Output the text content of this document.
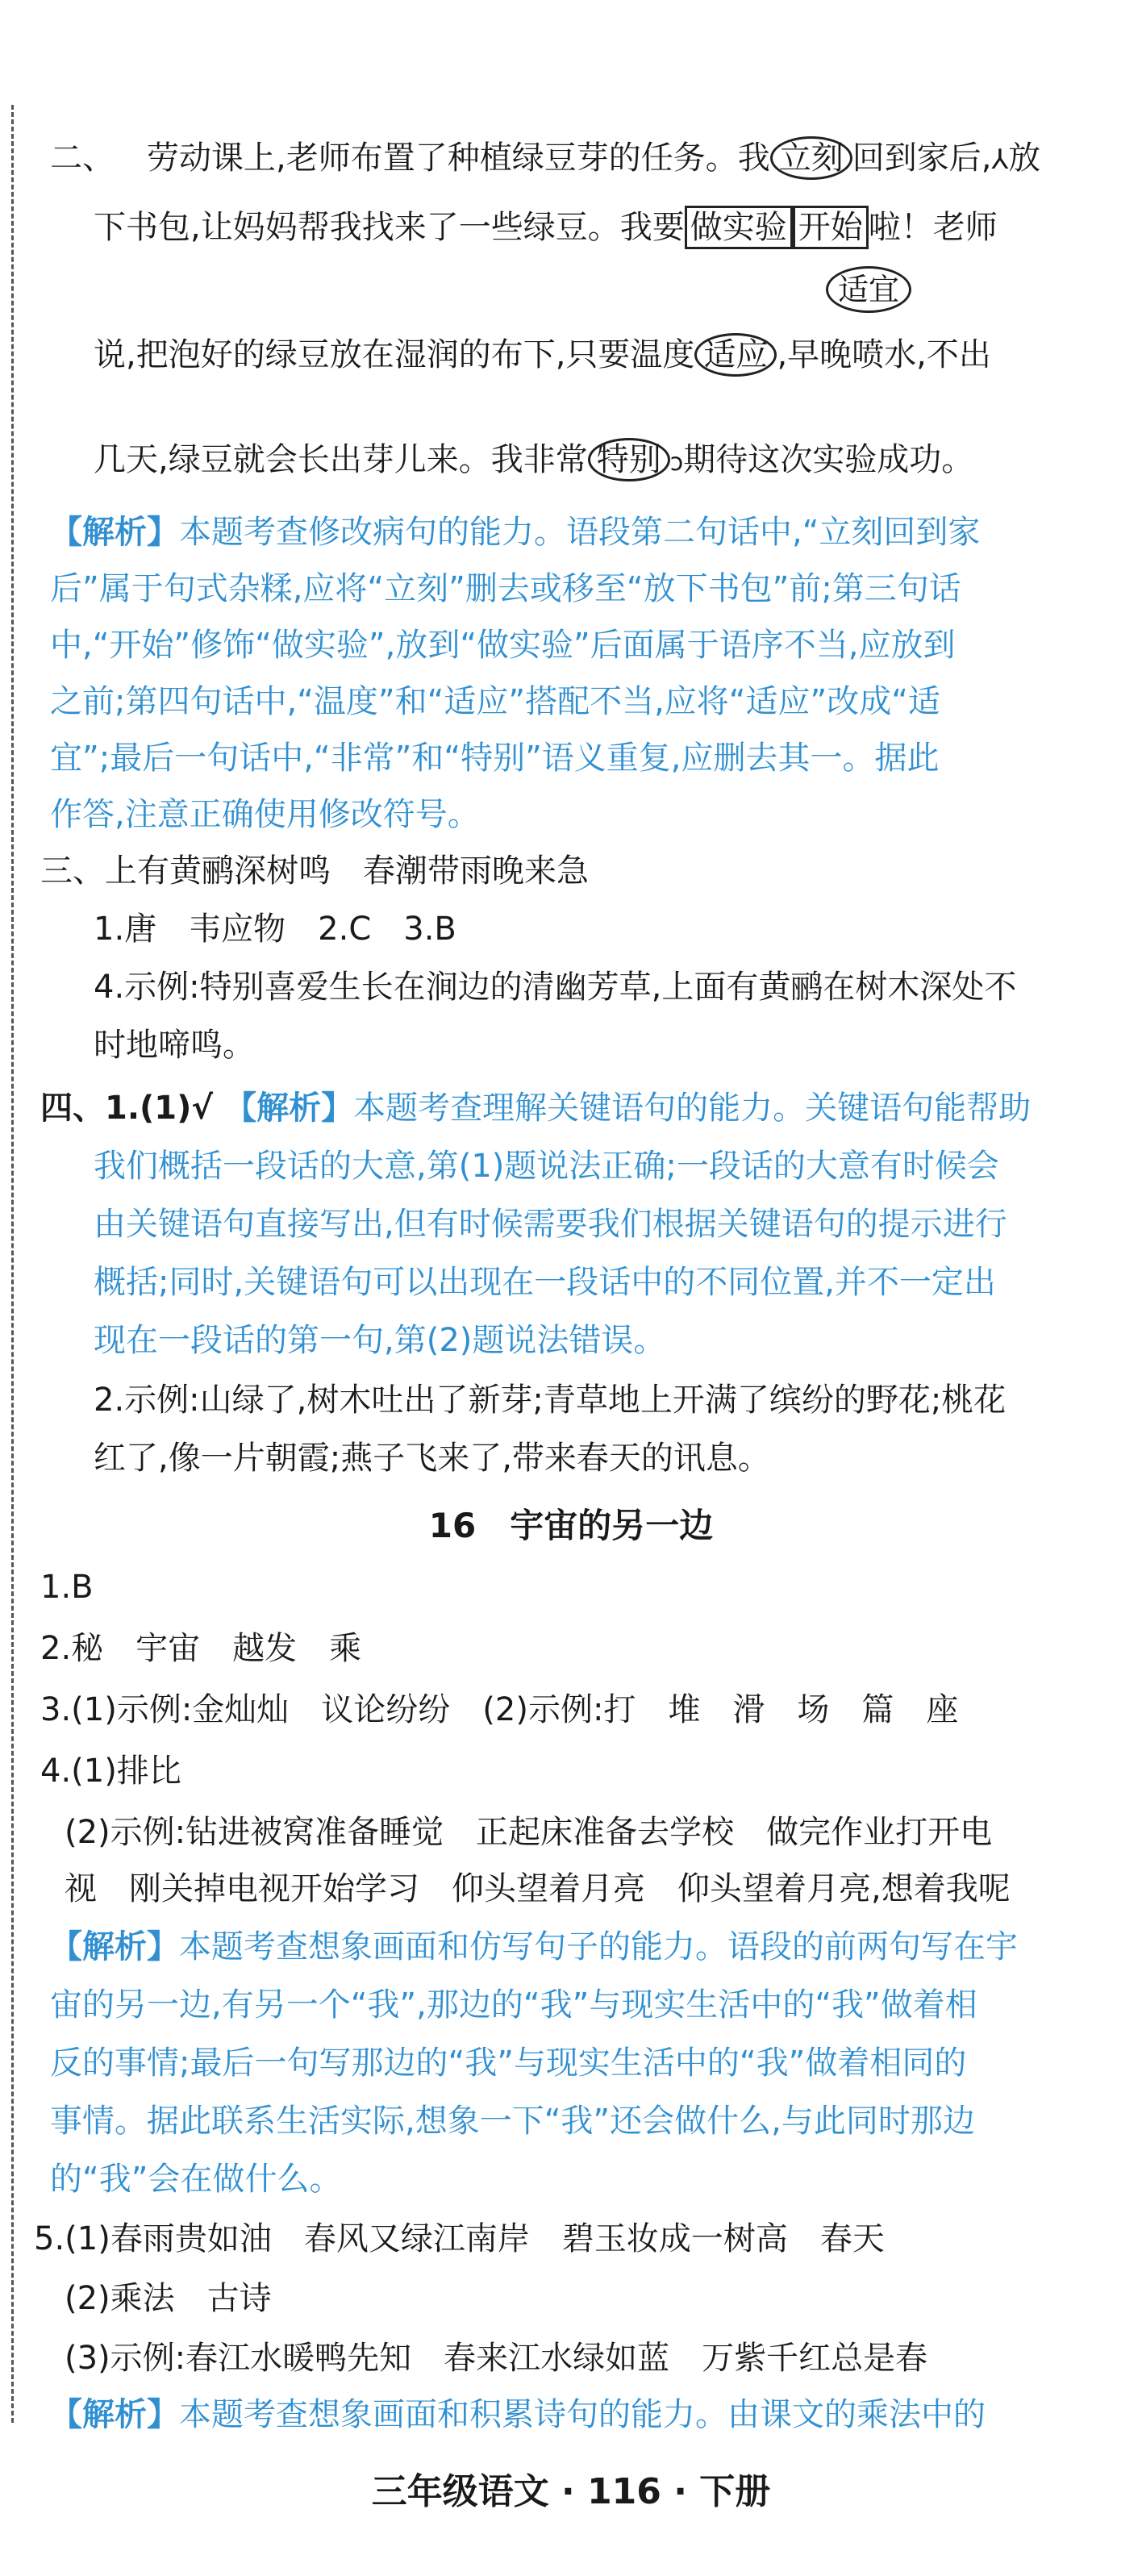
二、 劳动课上,老师布置了种植绿豆芽的任务。我 立刻 回到家后,⅄放
下书包,让妈妈帮我找来了一些绿豆。我要 做实验 开始 啦！老师
适宜
说,把泡好的绿豆放在湿润的布下,只要温度 适应 ,早晚喷水,不出
几天,绿豆就会长出芽儿来。我非常 特别 ↄ期待这次实验成功。
【解析】本题考查修改病句的能力。语段第二句话中,“立刻回到家
后”属于句式杂糅,应将“立刻”删去或移至“放下书包”前;第三句话
中,“开始”修饰“做实验”,放到“做实验”后面属于语序不当,应放到
之前;第四句话中,“温度”和“适应”搭配不当,应将“适应”改成“适
宜”;最后一句话中,“非常”和“特别”语义重复,应删去其一。据此
作答,注意正确使用修改符号。
三、上有黄鹂深树鸣　春潮带雨晚来急
1.唐　韦应物　2.C　3.B
4.示例:特别喜爱生长在涧边的清幽芳草,上面有黄鹂在树木深处不
时地啼鸣。
四、1.(1)√ 【解析】本题考查理解关键语句的能力。关键语句能帮助
我们概括一段话的大意,第(1)题说法正确;一段话的大意有时候会
由关键语句直接写出,但有时候需要我们根据关键语句的提示进行
概括;同时,关键语句可以出现在一段话中的不同位置,并不一定出
现在一段话的第一句,第(2)题说法错误。
2.示例:山绿了,树木吐出了新芽;青草地上开满了缤纷的野花;桃花
红了,像一片朝霞;燕子飞来了,带来春天的讯息。
16　宇宙的另一边
1.B
2.秘　宇宙　越发　乘
3.(1)示例:金灿灿　议论纷纷　(2)示例:打　堆　滑　场　篇　座
4.(1)排比
(2)示例:钻进被窝准备睡觉　正起床准备去学校　做完作业打开电
视　刚关掉电视开始学习　仰头望着月亮　仰头望着月亮,想着我呢
【解析】本题考查想象画面和仿写句子的能力。语段的前两句写在宇
宙的另一边,有另一个“我”,那边的“我”与现实生活中的“我”做着相
反的事情;最后一句写那边的“我”与现实生活中的“我”做着相同的
事情。据此联系生活实际,想象一下“我”还会做什么,与此同时那边
的“我”会在做什么。
5.(1)春雨贵如油　春风又绿江南岸　碧玉妆成一树高　春天
(2)乘法　古诗
(3)示例:春江水暖鸭先知　春来江水绿如蓝　万紫千红总是春
【解析】本题考查想象画面和积累诗句的能力。由课文的乘法中的
三年级语文 · 116 · 下册
